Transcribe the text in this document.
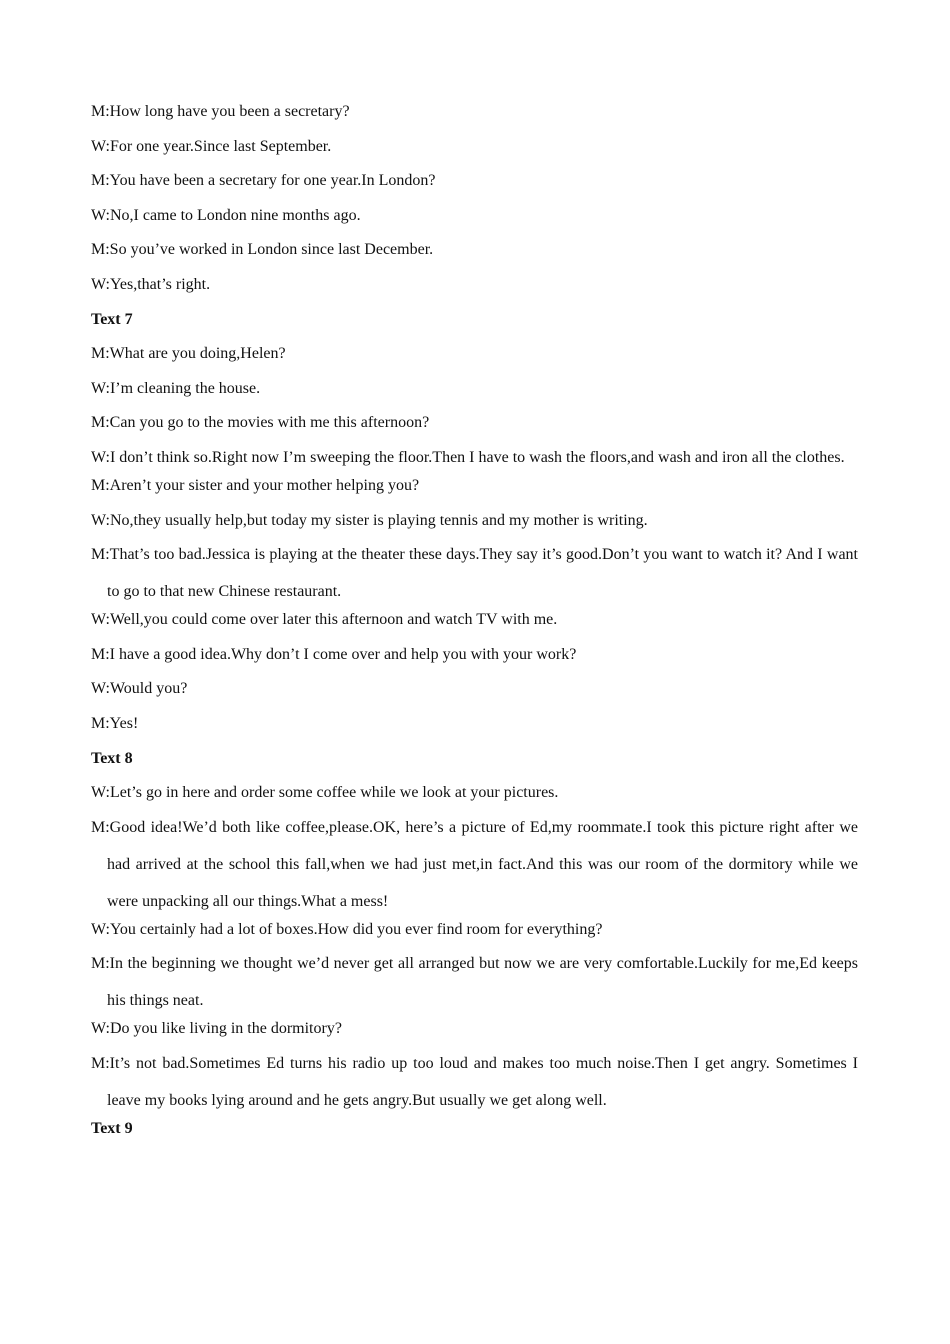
M:How long have you been a secretary?

W:For one year.Since last September.

M:You have been a secretary for one year.In London?

W:No,I came to London nine months ago.

M:So you’ve worked in London since last December.

W:Yes,that’s right.

Text 7

M:What are you doing,Helen?

W:I’m cleaning the house.

M:Can you go to the movies with me this afternoon?

W:I don’t think so.Right now I’m sweeping the floor.Then I have to wash the floors,and wash and iron all the clothes.

M:Aren’t your sister and your mother helping you?

W:No,they usually help,but today my sister is playing tennis and my mother is writing.

M:That’s too bad.Jessica is playing at the theater these days.They say it’s good.Don’t you want to watch it? And I want to go to that new Chinese restaurant.

W:Well,you could come over later this afternoon and watch TV with me.

M:I have a good idea.Why don’t I come over and help you with your work?

W:Would you?

M:Yes!

Text 8

W:Let’s go in here and order some coffee while we look at your pictures.

M:Good idea!We’d both like coffee,please.OK, here’s a picture of Ed,my roommate.I took this picture right after we had arrived at the school this fall,when we had just met,in fact.And this was our room of the dormitory while we were unpacking all our things.What a mess!

W:You certainly had a lot of boxes.How did you ever find room for everything?

M:In the beginning we thought we’d never get all arranged but now we are very comfortable.Luckily for me,Ed keeps his things neat.

W:Do you like living in the dormitory?

M:It’s not bad.Sometimes Ed turns his radio up too loud and makes too much noise.Then I get angry. Sometimes I leave my books lying around and he gets angry.But usually we get along well.

Text 9
